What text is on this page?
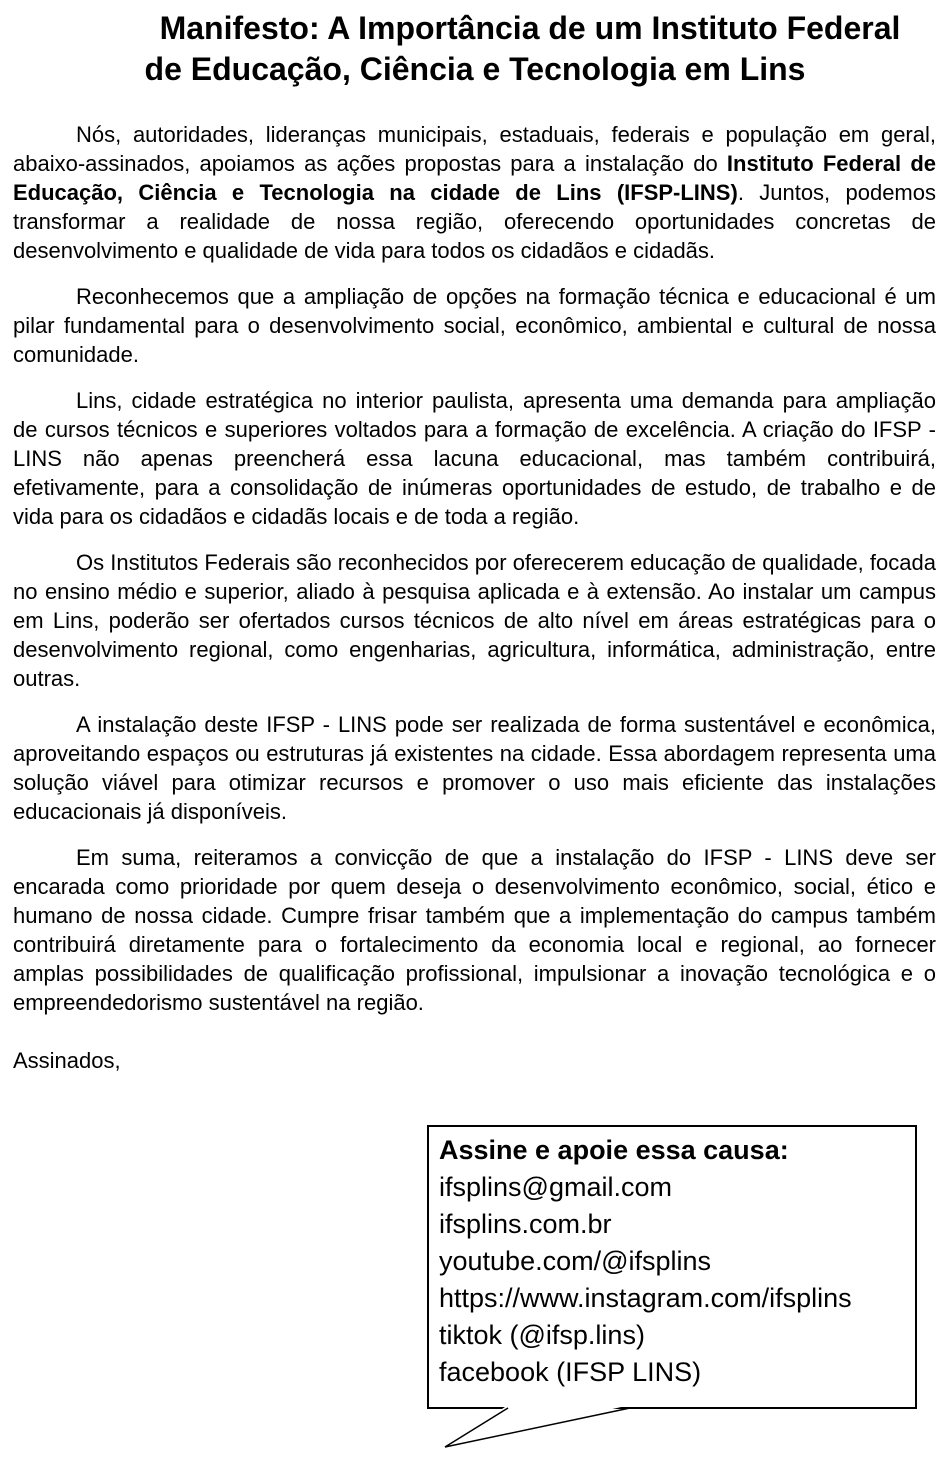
Manifesto: A Importância de um Instituto Federal
de Educação, Ciência e Tecnologia em Lins

Nós, autoridades, lideranças municipais, estaduais, federais e população em geral, abaixo-assinados, apoiamos as ações propostas para a instalação do Instituto Federal de Educação, Ciência e Tecnologia na cidade de Lins (IFSP-LINS). Juntos, podemos transformar a realidade de nossa região, oferecendo oportunidades concretas de desenvolvimento e qualidade de vida para todos os cidadãos e cidadãs.

Reconhecemos que a ampliação de opções na formação técnica e educacional é um pilar fundamental para o desenvolvimento social, econômico, ambiental e cultural de nossa comunidade.

Lins, cidade estratégica no interior paulista, apresenta uma demanda para ampliação de cursos técnicos e superiores voltados para a formação de excelência. A criação do IFSP - LINS não apenas preencherá essa lacuna educacional, mas também contribuirá, efetivamente, para a consolidação de inúmeras oportunidades de estudo, de trabalho e de vida para os cidadãos e cidadãs locais e de toda a região.

Os Institutos Federais são reconhecidos por oferecerem educação de qualidade, focada no ensino médio e superior, aliado à pesquisa aplicada e à extensão. Ao instalar um campus em Lins, poderão ser ofertados cursos técnicos de alto nível em áreas estratégicas para o desenvolvimento regional, como engenharias, agricultura, informática, administração, entre outras.

A instalação deste IFSP - LINS pode ser realizada de forma sustentável e econômica, aproveitando espaços ou estruturas já existentes na cidade. Essa abordagem representa uma solução viável para otimizar recursos e promover o uso mais eficiente das instalações educacionais já disponíveis.

Em suma, reiteramos a convicção de que a instalação do IFSP - LINS deve ser encarada como prioridade por quem deseja o desenvolvimento econômico, social, ético e humano de nossa cidade. Cumpre frisar também que a implementação do campus também contribuirá diretamente para o fortalecimento da economia local e regional, ao fornecer amplas possibilidades de qualificação profissional, impulsionar a inovação tecnológica e o empreendedorismo sustentável na região.

Assinados,

Assine e apoie essa causa:
ifsplins@gmail.com
ifsplins.com.br
youtube.com/@ifsplins
https://www.instagram.com/ifsplins
tiktok (@ifsp.lins)
facebook (IFSP LINS)
